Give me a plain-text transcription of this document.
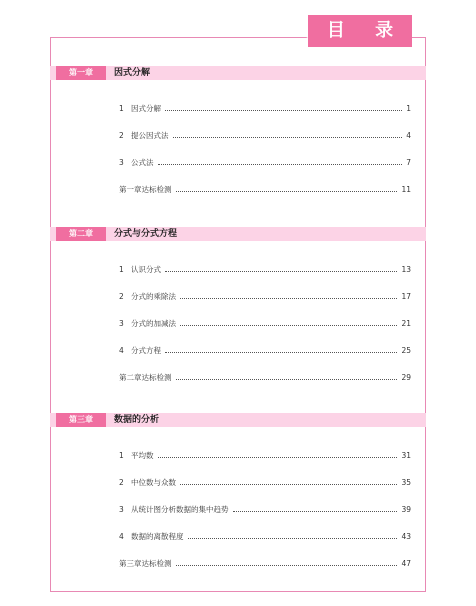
目 录
第一章	因式分解
1 因式分解	1
2 提公因式法	4
3 公式法	7
第一章达标检测	11
第二章	分式与分式方程
1 认识分式	13
2 分式的乘除法	17
3 分式的加减法	21
4 分式方程	25
第二章达标检测	29
第三章	数据的分析
1 平均数	31
2 中位数与众数	35
3 从统计图分析数据的集中趋势	39
4 数据的离散程度	43
第三章达标检测	47
